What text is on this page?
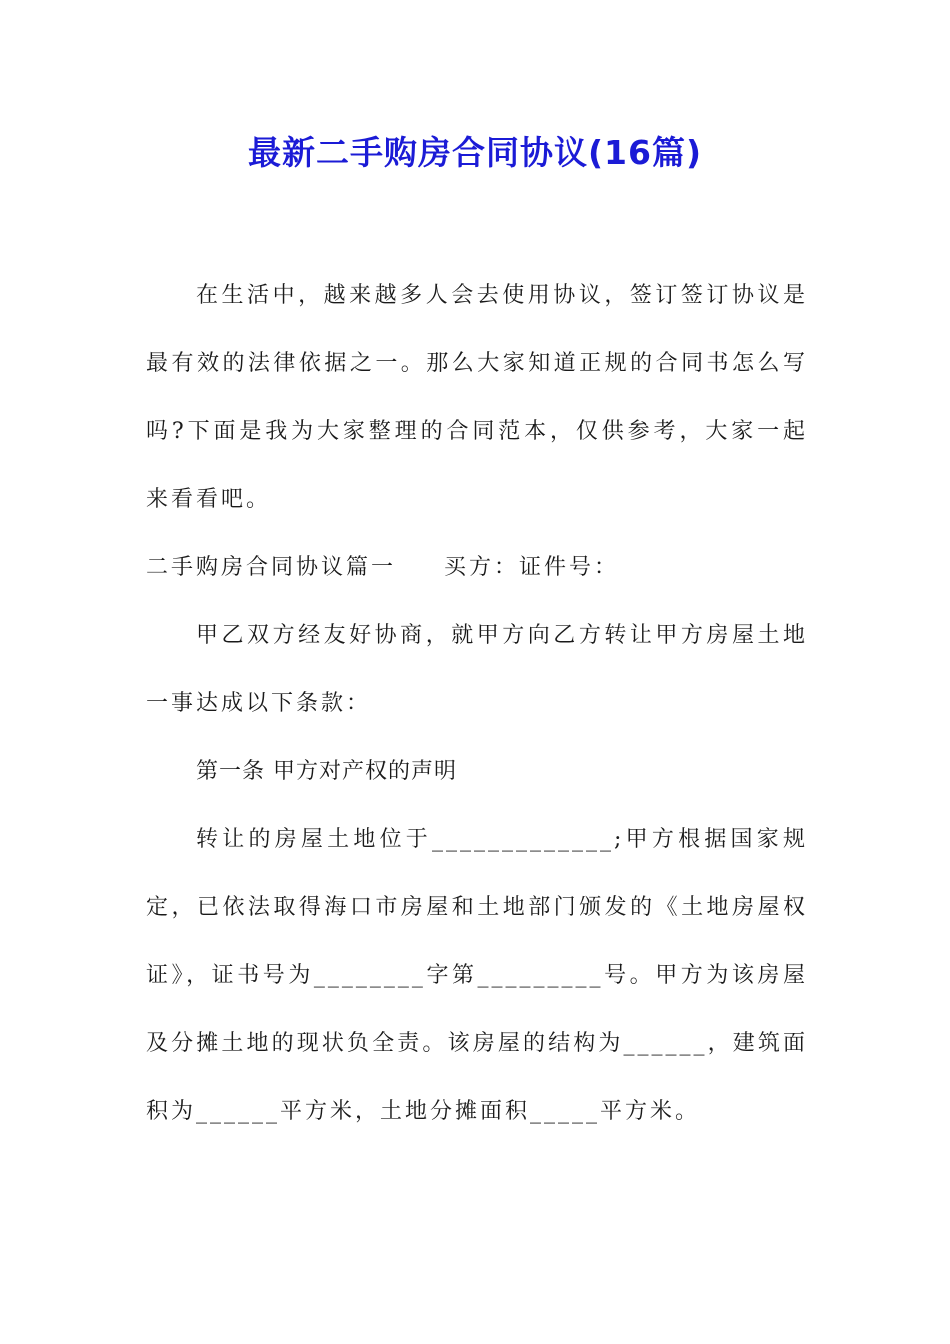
最新二手购房合同协议(16篇)

在生活中，越来越多人会去使用协议，签订签订协议是最有效的法律依据之一。那么大家知道正规的合同书怎么写吗?下面是我为大家整理的合同范本，仅供参考，大家一起来看看吧。

二手购房合同协议篇一 买方：证件号：

甲乙双方经友好协商，就甲方向乙方转让甲方房屋土地一事达成以下条款：

第一条 甲方对产权的声明

转让的房屋土地位于_____________;甲方根据国家规定，已依法取得海口市房屋和土地部门颁发的《土地房屋权证》，证书号为________字第_________号。甲方为该房屋及分摊土地的现状负全责。该房屋的结构为______，建筑面积为______平方米，土地分摊面积_____平方米。
